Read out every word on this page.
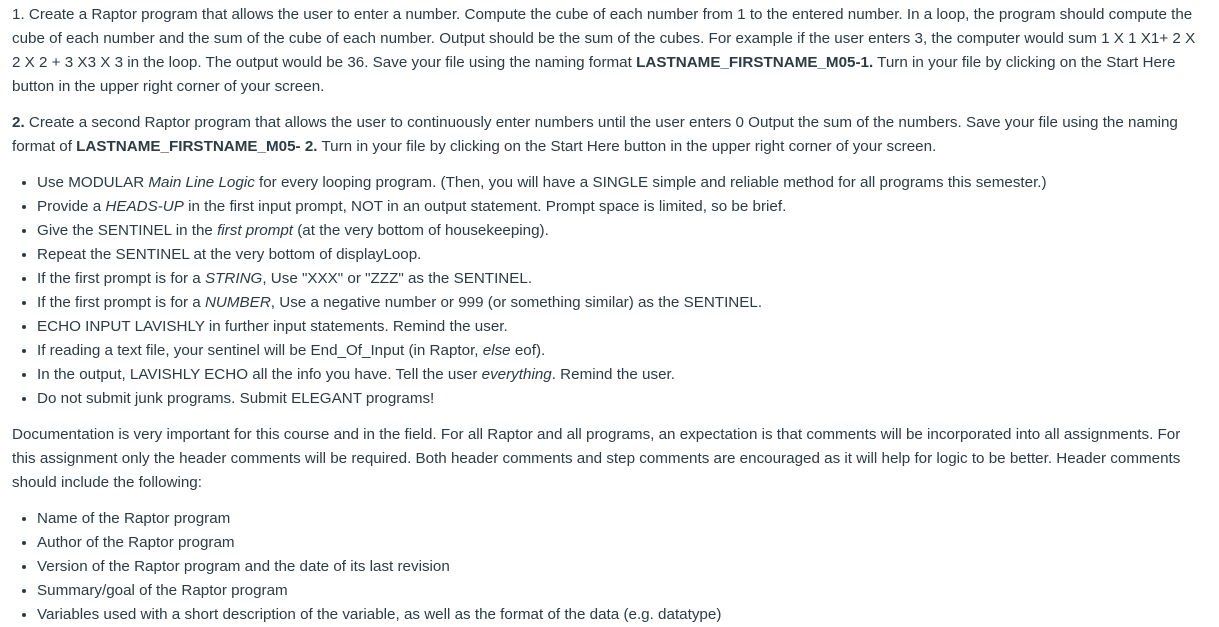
1. Create a Raptor program that allows the user to enter a number. Compute the cube of each number from 1 to the entered number. In a loop, the program should compute the cube of each number and the sum of the cube of each number. Output should be the sum of the cubes. For example if the user enters 3, the computer would sum 1 X 1 X1+ 2 X 2 X 2 + 3 X3 X 3 in the loop. The output would be 36. Save your file using the naming format LASTNAME_FIRSTNAME_M05-1. Turn in your file by clicking on the Start Here button in the upper right corner of your screen.

2. Create a second Raptor program that allows the user to continuously enter numbers until the user enters 0 Output the sum of the numbers. Save your file using the naming format of LASTNAME_FIRSTNAME_M05- 2. Turn in your file by clicking on the Start Here button in the upper right corner of your screen.

• Use MODULAR Main Line Logic for every looping program. (Then, you will have a SINGLE simple and reliable method for all programs this semester.)
• Provide a HEADS-UP in the first input prompt, NOT in an output statement. Prompt space is limited, so be brief.
• Give the SENTINEL in the first prompt (at the very bottom of housekeeping).
• Repeat the SENTINEL at the very bottom of displayLoop.
• If the first prompt is for a STRING, Use "XXX" or "ZZZ" as the SENTINEL.
• If the first prompt is for a NUMBER, Use a negative number or 999 (or something similar) as the SENTINEL.
• ECHO INPUT LAVISHLY in further input statements. Remind the user.
• If reading a text file, your sentinel will be End_Of_Input (in Raptor, else eof).
• In the output, LAVISHLY ECHO all the info you have. Tell the user everything. Remind the user.
• Do not submit junk programs. Submit ELEGANT programs!

Documentation is very important for this course and in the field. For all Raptor and all programs, an expectation is that comments will be incorporated into all assignments. For this assignment only the header comments will be required. Both header comments and step comments are encouraged as it will help for logic to be better. Header comments should include the following:

• Name of the Raptor program
• Author of the Raptor program
• Version of the Raptor program and the date of its last revision
• Summary/goal of the Raptor program
• Variables used with a short description of the variable, as well as the format of the data (e.g. datatype)
